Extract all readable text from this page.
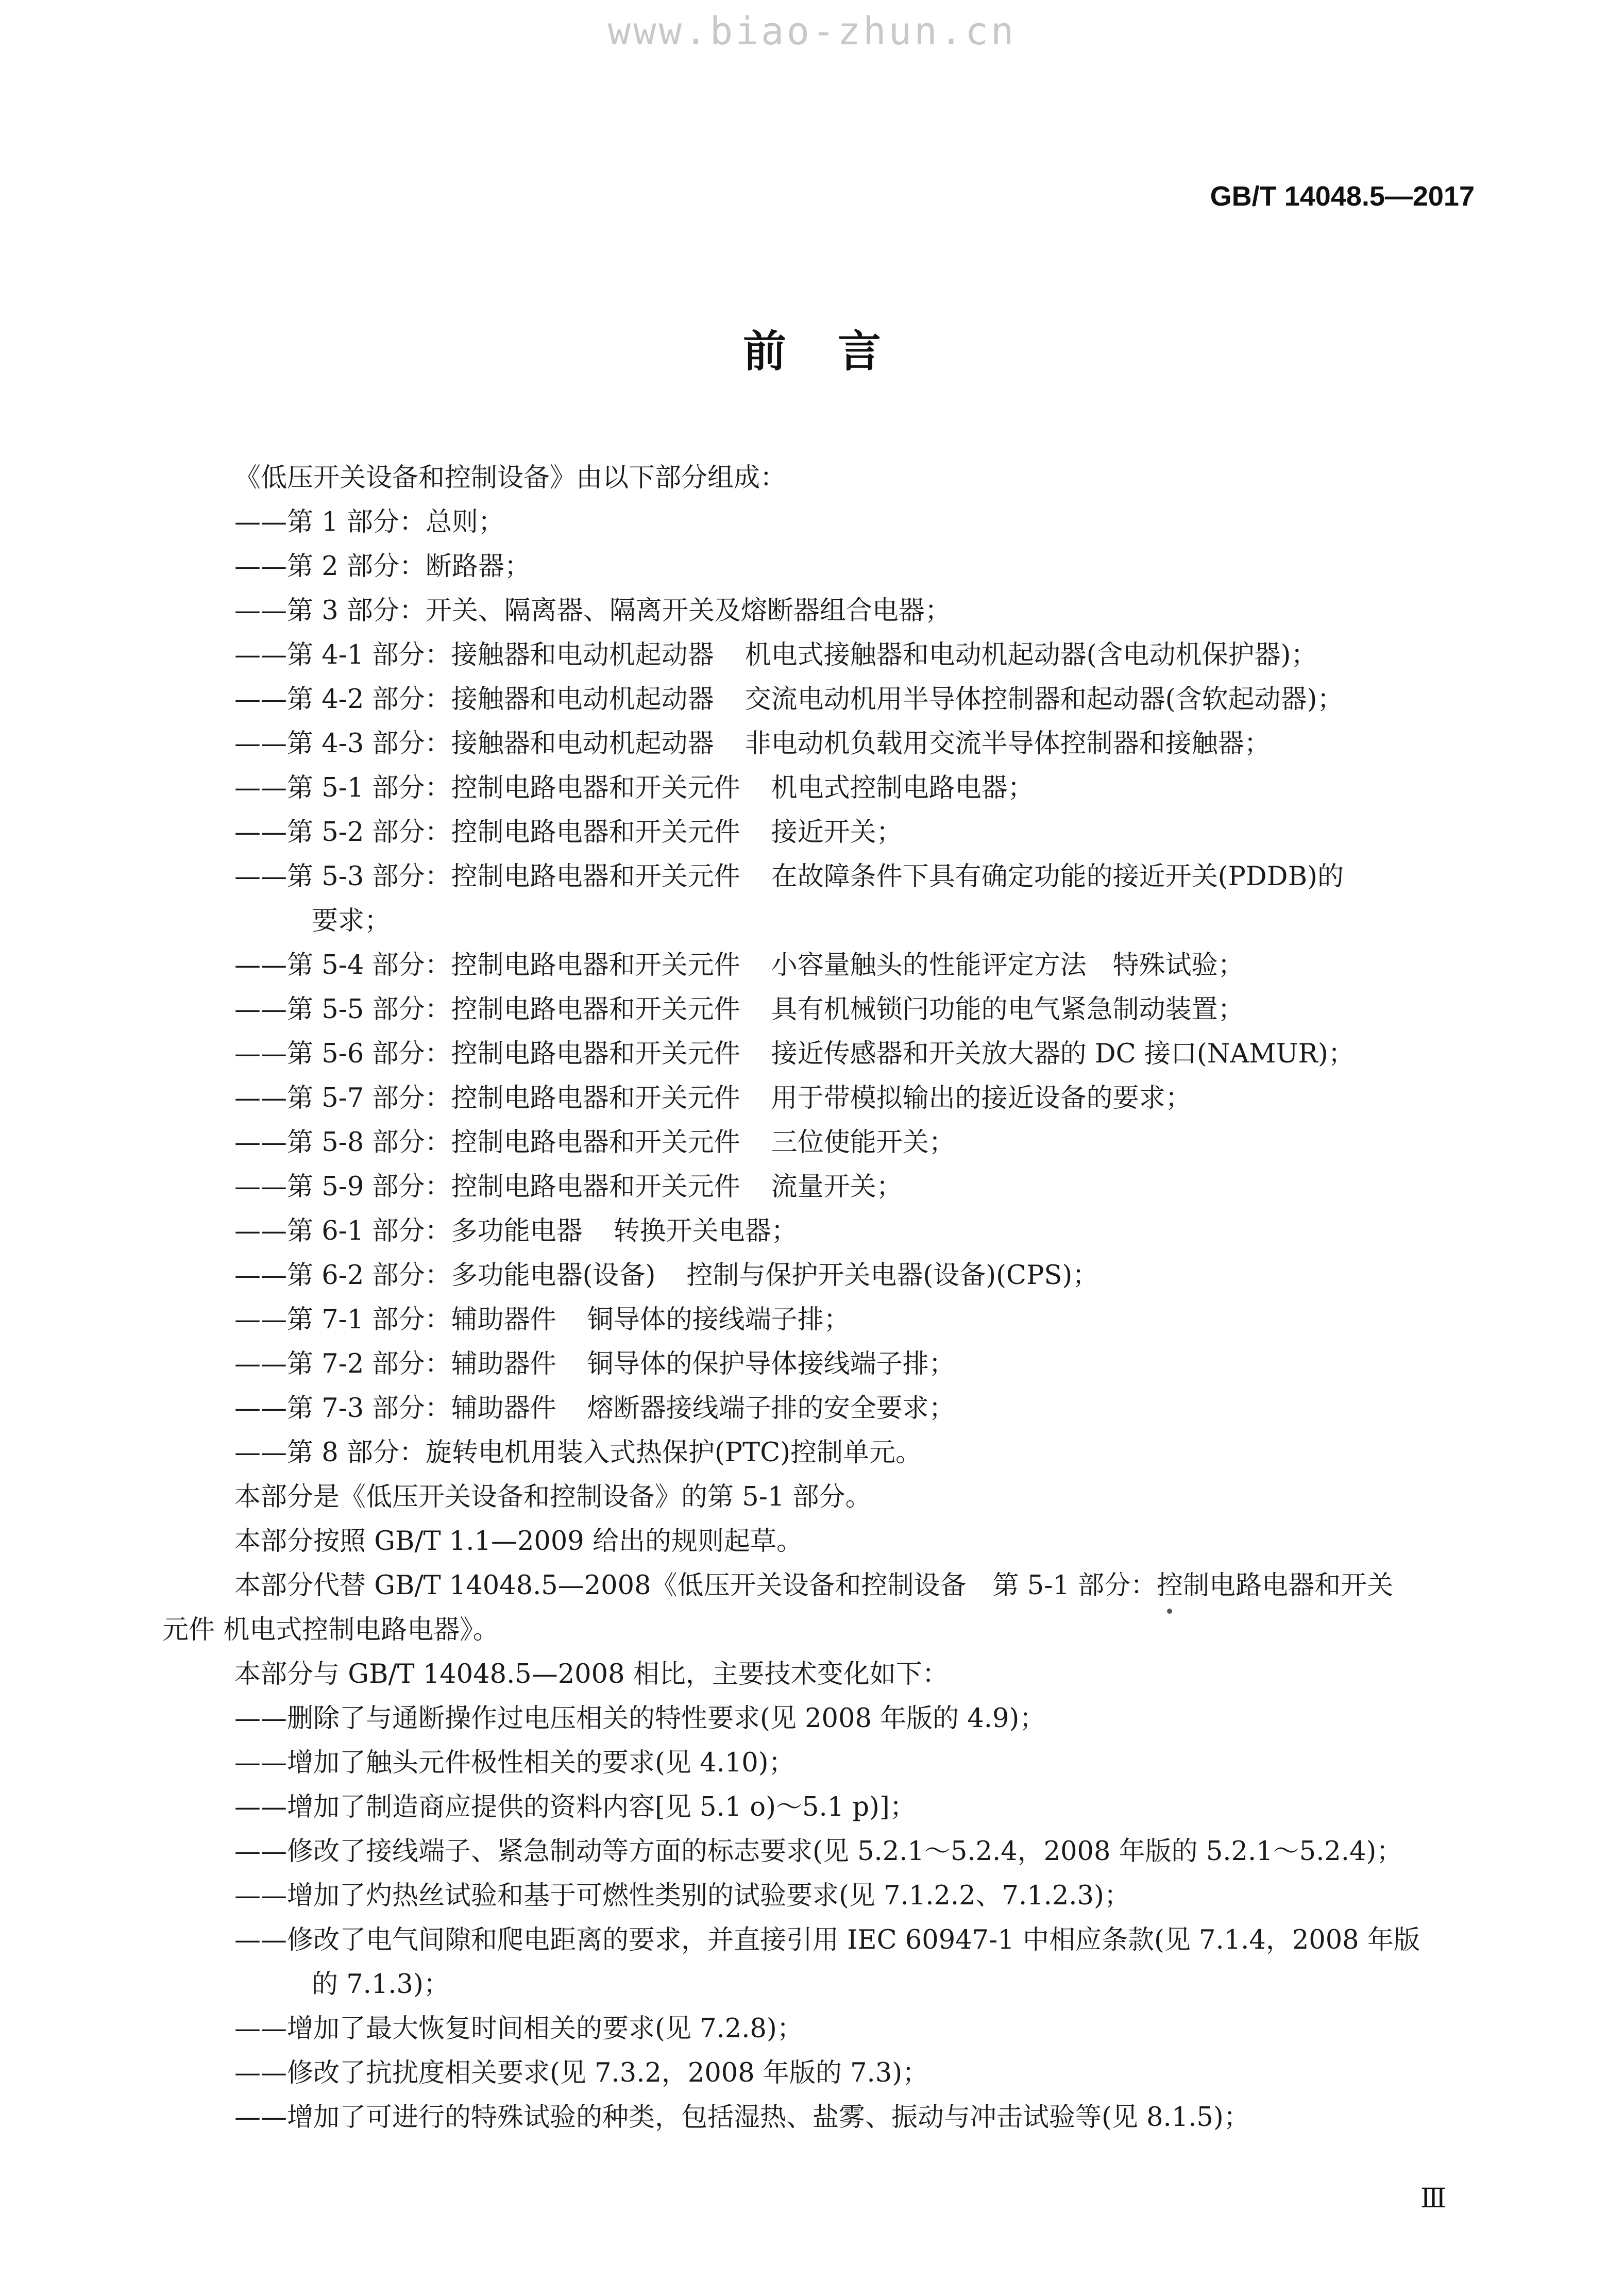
www.biao-zhun.cn
GB/T 14048.5—2017
前言
《低压开关设备和控制设备》由以下部分组成：
——第 1 部分：总则；
——第 2 部分：断路器；
——第 3 部分：开关、隔离器、隔离开关及熔断器组合电器；
——第 4-1 部分：接触器和电动机起动器 机电式接触器和电动机起动器(含电动机保护器)；
——第 4-2 部分：接触器和电动机起动器 交流电动机用半导体控制器和起动器(含软起动器)；
——第 4-3 部分：接触器和电动机起动器 非电动机负载用交流半导体控制器和接触器；
——第 5-1 部分：控制电路电器和开关元件 机电式控制电路电器；
——第 5-2 部分：控制电路电器和开关元件 接近开关；
——第 5-3 部分：控制电路电器和开关元件 在故障条件下具有确定功能的接近开关(PDDB)的
要求；
——第 5-4 部分：控制电路电器和开关元件 小容量触头的性能评定方法　特殊试验；
——第 5-5 部分：控制电路电器和开关元件 具有机械锁闩功能的电气紧急制动装置；
——第 5-6 部分：控制电路电器和开关元件 接近传感器和开关放大器的 DC 接口(NAMUR)；
——第 5-7 部分：控制电路电器和开关元件 用于带模拟输出的接近设备的要求；
——第 5-8 部分：控制电路电器和开关元件 三位使能开关；
——第 5-9 部分：控制电路电器和开关元件 流量开关；
——第 6-1 部分：多功能电器 转换开关电器；
——第 6-2 部分：多功能电器(设备) 控制与保护开关电器(设备)(CPS)；
——第 7-1 部分：辅助器件 铜导体的接线端子排；
——第 7-2 部分：辅助器件 铜导体的保护导体接线端子排；
——第 7-3 部分：辅助器件 熔断器接线端子排的安全要求；
——第 8 部分：旋转电机用装入式热保护(PTC)控制单元。
本部分是《低压开关设备和控制设备》的第 5-1 部分。
本部分按照 GB/T 1.1—2009 给出的规则起草。
本部分代替 GB/T 14048.5—2008《低压开关设备和控制设备　第 5-1 部分：控制电路电器和开关
元件 机电式控制电路电器》。
本部分与 GB/T 14048.5—2008 相比，主要技术变化如下：
——删除了与通断操作过电压相关的特性要求(见 2008 年版的 4.9)；
——增加了触头元件极性相关的要求(见 4.10)；
——增加了制造商应提供的资料内容[见 5.1 o)～5.1 p)]；
——修改了接线端子、紧急制动等方面的标志要求(见 5.2.1～5.2.4，2008 年版的 5.2.1～5.2.4)；
——增加了灼热丝试验和基于可燃性类别的试验要求(见 7.1.2.2、7.1.2.3)；
——修改了电气间隙和爬电距离的要求，并直接引用 IEC 60947-1 中相应条款(见 7.1.4，2008 年版
的 7.1.3)；
——增加了最大恢复时间相关的要求(见 7.2.8)；
——修改了抗扰度相关要求(见 7.3.2，2008 年版的 7.3)；
——增加了可进行的特殊试验的种类，包括湿热、盐雾、振动与冲击试验等(见 8.1.5)；
Ⅲ
